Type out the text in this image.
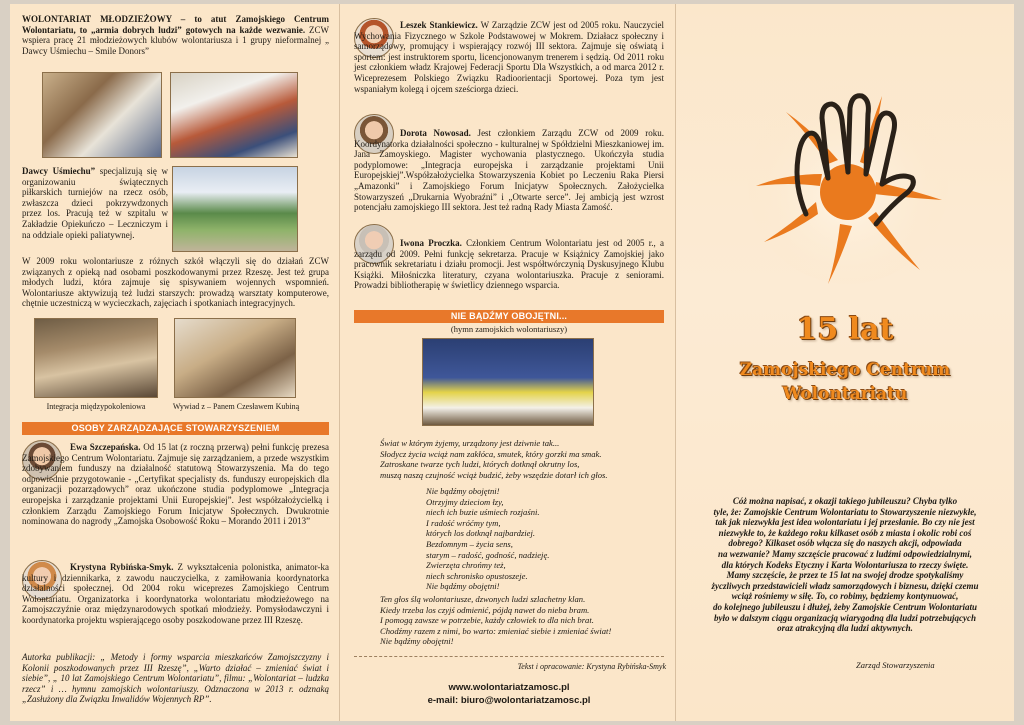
WOLONTARIAT MŁODZIEŻOWY – to atut Zamojskiego Centrum Wolontariatu, to „armia dobrych ludzi” gotowych na każde wezwanie. ZCW wspiera pracę 21 młodzieżowych klubów wolontariusza i 1 grupy nieformalnej „ Dawcy Uśmiechu – Smile Donors”

Dawcy Uśmiechu” specjalizują się w organizowaniu świątecznych piłkarskich turniejów na rzecz osób, zwłaszcza dzieci pokrzywdzonych przez los. Pracują też w szpitalu w Zakładzie Opiekuńczo – Leczniczym i na oddziale opieki paliatywnej.

W 2009 roku wolontariusze z różnych szkół włączyli się do działań ZCW związanych z opieką nad osobami poszkodowanymi przez Rzeszę. Jest też grupa młodych ludzi, która zajmuje się spisywaniem wojennych wspomnień. Wolontariusze aktywizują też ludzi starszych: prowadzą warsztaty komputerowe, chętnie uczestniczą w wycieczkach, zajęciach i spotkaniach integracyjnych.

Integracja międzypokoleniowa	Wywiad z – Panem Czesławem Kubiną
OSOBY ZARZĄDZAJĄCE STOWARZYSZENIEM

Ewa Szczepańska. Od 15 lat (z roczną przerwą) pełni funkcję prezesa Zamojskiego Centrum Wolontariatu. Zajmuje się zarządzaniem, a przede wszystkim zdobywaniem funduszy na działalność statutową Stowarzyszenia. Ma do tego odpowiednie przygotowanie - „Certyfikat specjalisty ds. funduszy europejskich dla organizacji pozarządowych” oraz ukończone studia podyplomowe „Integracja europejska i zarządzanie projektami Unii Europejskiej”. Jest współzałożycielką i członkiem Zarządu Zamojskiego Forum Inicjatyw Społecznych. Dwukrotnie nominowana do nagrody „Zamojska Osobowość Roku – Morando 2011 i 2013”

Krystyna Rybińska-Smyk. Z wykształcenia polonistka, animator-ka kultury i dziennikarka, z zawodu nauczycielka, z zamiłowania koordynatorka działalności społecznej. Od 2004 roku wiceprezes Zamojskiego Centrum Wolontariatu. Organizatorka i koordynatorka wolontariatu młodzieżowego na Zamojszczyźnie oraz międzynarodowych spotkań młodzieży. Pomysłodawczyni i koordynatorka projektu wspierającego osoby poszkodowane przez III Rzeszę.

Autorka publikacji: „ Metody i formy wsparcia mieszkańców Zamojszczyzny i Kolonii poszkodowanych przez III Rzeszę”, „Warto działać – zmieniać świat i siebie”, „ 10 lat Zamojskiego Centrum Wolontariatu”, filmu: „Wolontariat – ludzka rzecz” i … hymnu zamojskich wolontariuszy. Odznaczona w 2013 r. odznaką „Zasłużony dla Związku Inwalidów Wojennych RP”.

Leszek Stankiewicz. W Zarządzie ZCW jest od 2005 roku. Nauczyciel Wychowania Fizycznego w Szkole Podstawowej w Mokrem. Działacz społeczny i samorządowy, promujący i wspierający rozwój III sektora. Zajmuje się oświatą i sportem: jest instruktorem sportu, licencjonowanym trenerem i sędzią. Od 2011 roku jest członkiem władz Krajowej Federacji Sportu Dla Wszystkich, a od marca 2012 r. Wiceprezesem Polskiego Związku Radioorientacji Sportowej. Poza tym jest wspaniałym kolegą i ojcem sześciorga dzieci.

Dorota Nowosad. Jest członkiem Zarządu ZCW od 2009 roku. Koordynatorka działalności społeczno - kulturalnej w Spółdzielni Mieszkaniowej im. Jana Zamoyskiego. Magister wychowania plastycznego. Ukończyła studia podyplomowe: „Integracja europejska i zarządzanie projektami Unii Europejskiej”.Współzałożycielka Stowarzyszenia Kobiet po Leczeniu Raka Piersi „Amazonki” i Zamojskiego Forum Inicjatyw Społecznych. Założycielka Stowarzyszeń „Drukarnia Wyobraźni” i „Otwarte serce”. Jej ambicją jest wzrost potencjału zamojskiego III sektora. Jest też radną Rady Miasta Zamość.

Iwona Proczka. Członkiem Centrum Wolontariatu jest od 2005 r., a zarządu od 2009. Pełni funkcję sekretarza. Pracuje w Książnicy Zamojskiej jako pracownik sekretariatu i działu promocji. Jest współtwórczynią Dyskusyjnego Klubu Książki. Miłośniczka literatury, czyana wolontariuszka. Pracuje z seniorami. Prowadzi bibliotherapię w świetlicy dziennego wsparcia.

NIE BĄDŹMY OBOJĘTNI...
(hymn zamojskich wolontariuszy)
Świat w którym żyjemy, urządzony jest dziwnie tak...
Słodycz życia wciąż nam zakłóca, smutek, który gorzki ma smak.
Zatroskane twarze tych ludzi, których dotknął okrutny los,
muszą naszą czujność wciąż budzić, żeby wszędzie dotarł ich głos.
Nie bądźmy obojętni!
Otrzyjmy dzieciom łzy,
niech ich buzie uśmiech rozjaśni.
I radość wróćmy tym,
których los dotknął najbardziej.
Bezdomnym – życia sens,
starym – radość, godność, nadzieję.
Zwierzęta chrońmy też,
niech schronisko opustoszeje.
Nie bądźmy obojętni!
Ten głos ślą wolontariusze, dzwonych ludzi szlachetny klan.
Kiedy trzeba los czyjś odmienić, pójdą nawet do nieba bram.
I pomogą zawsze w potrzebie, każdy człowiek to dla nich brat.
Chodźmy razem z nimi, bo warto: zmieniać siebie i zmieniać świat!
Nie bądźmy obojętni!
Tekst i opracowanie: Krystyna Rybińska-Smyk
www.wolontariatzamosc.pl
e-mail: biuro@wolontariatzamosc.pl
15 lat
Zamojskiego Centrum
Wolontariatu
Cóż można napisać, z okazji takiego jubileuszu? Chyba tylko
tyle, że: Zamojskie Centrum Wolontariatu to Stowarzyszenie niezwykłe,
tak jak niezwykła jest idea wolontariatu i jej przesłanie. Bo czy nie jest
niezwykłe to, że każdego roku kilkaset osób z miasta i okolic robi coś
dobrego? Kilkaset osób włącza się do naszych akcji, odpowiada
na wezwanie? Mamy szczęście pracować z ludźmi odpowiedzialnymi,
dla których Kodeks Etyczny i Karta Wolontariusza to rzeczy święte.
Mamy szczęście, że przez te 15 lat na swojej drodze spotykaliśmy
życzliwych przedstawicieli władz samorządowych i biznesu, dzięki czemu
wciąż rośniemy w siłę. To, co robimy, będziemy kontynuować,
do kolejnego jubileuszu i dłużej, żeby Zamojskie Centrum Wolontariatu
było w dalszym ciągu organizacją wiarygodną dla ludzi potrzebujących
oraz atrakcyjną dla ludzi aktywnych.
Zarząd Stowarzyszenia
